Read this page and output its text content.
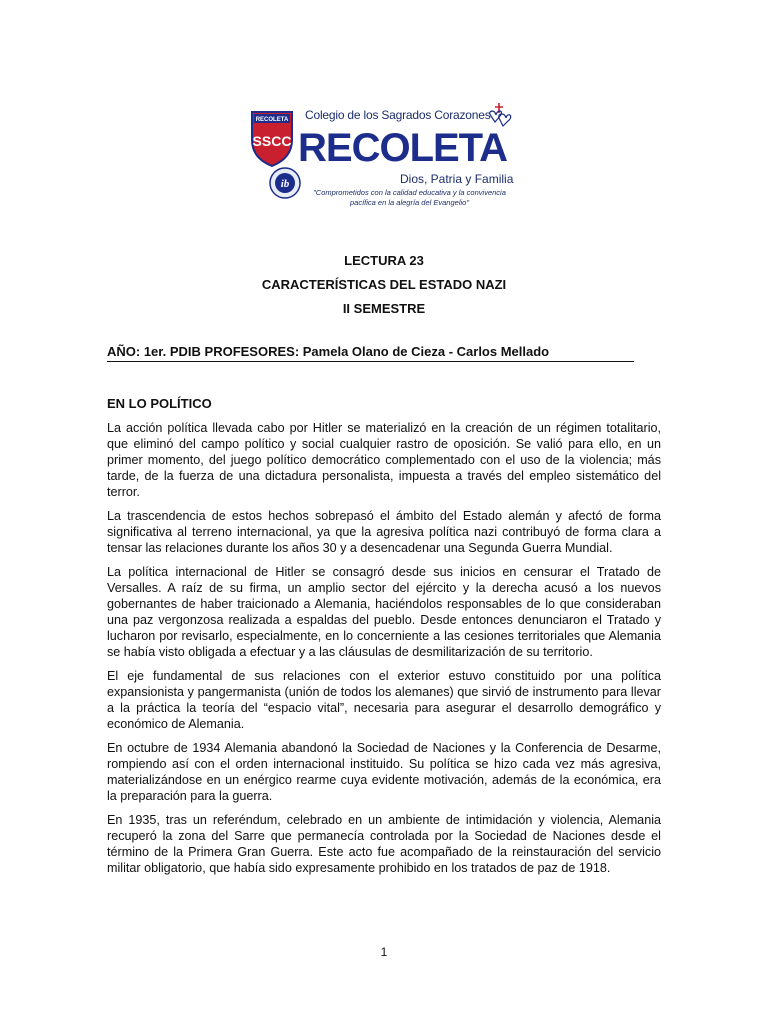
RECOLETA
SSCC
Colegio de los Sagrados Corazones
RECOLETA
Dios, Patria y Familia
ib
"Comprometidos con la calidad educativa y la convivencia pacífica en la alegría del Evangelio"
LECTURA 23
CARACTERÍSTICAS DEL ESTADO NAZI
II SEMESTRE
AÑO: 1er. PDIB PROFESORES: Pamela Olano de Cieza - Carlos Mellado
EN LO POLÍTICO

La acción política llevada cabo por Hitler se materializó en la creación de un régimen totalitario, que eliminó del campo político y social cualquier rastro de oposición. Se valió para ello, en un primer momento, del juego político democrático complementado con el uso de la violencia; más tarde, de la fuerza de una dictadura personalista, impuesta a través del empleo sistemático del terror.

La trascendencia de estos hechos sobrepasó el ámbito del Estado alemán y afectó de forma significativa al terreno internacional, ya que la agresiva política nazi contribuyó de forma clara a tensar las relaciones durante los años 30 y a desencadenar una Segunda Guerra Mundial.

La política internacional de Hitler se consagró desde sus inicios en censurar el Tratado de Versalles. A raíz de su firma, un amplio sector del ejército y la derecha acusó a los nuevos gobernantes de haber traicionado a Alemania, haciéndolos responsables de lo que consideraban una paz vergonzosa realizada a espaldas del pueblo. Desde entonces denunciaron el Tratado y lucharon por revisarlo, especialmente, en lo concerniente a las cesiones territoriales que Alemania se había visto obligada a efectuar y a las cláusulas de desmilitarización de su territorio.

El eje fundamental de sus relaciones con el exterior estuvo constituido por una política expansionista y pangermanista (unión de todos los alemanes) que sirvió de instrumento para llevar a la práctica la teoría del “espacio vital”, necesaria para asegurar el desarrollo demográfico y económico de Alemania.

En octubre de 1934 Alemania abandonó la Sociedad de Naciones y la Conferencia de Desarme, rompiendo así con el orden internacional instituido. Su política se hizo cada vez más agresiva, materializándose en un enérgico rearme cuya evidente motivación, además de la económica, era la preparación para la guerra.

En 1935, tras un referéndum, celebrado en un ambiente de intimidación y violencia, Alemania recuperó la zona del Sarre que permanecía controlada por la Sociedad de Naciones desde el término de la Primera Gran Guerra. Este acto fue acompañado de la reinstauración del servicio militar obligatorio, que había sido expresamente prohibido en los tratados de paz de 1918.

1
